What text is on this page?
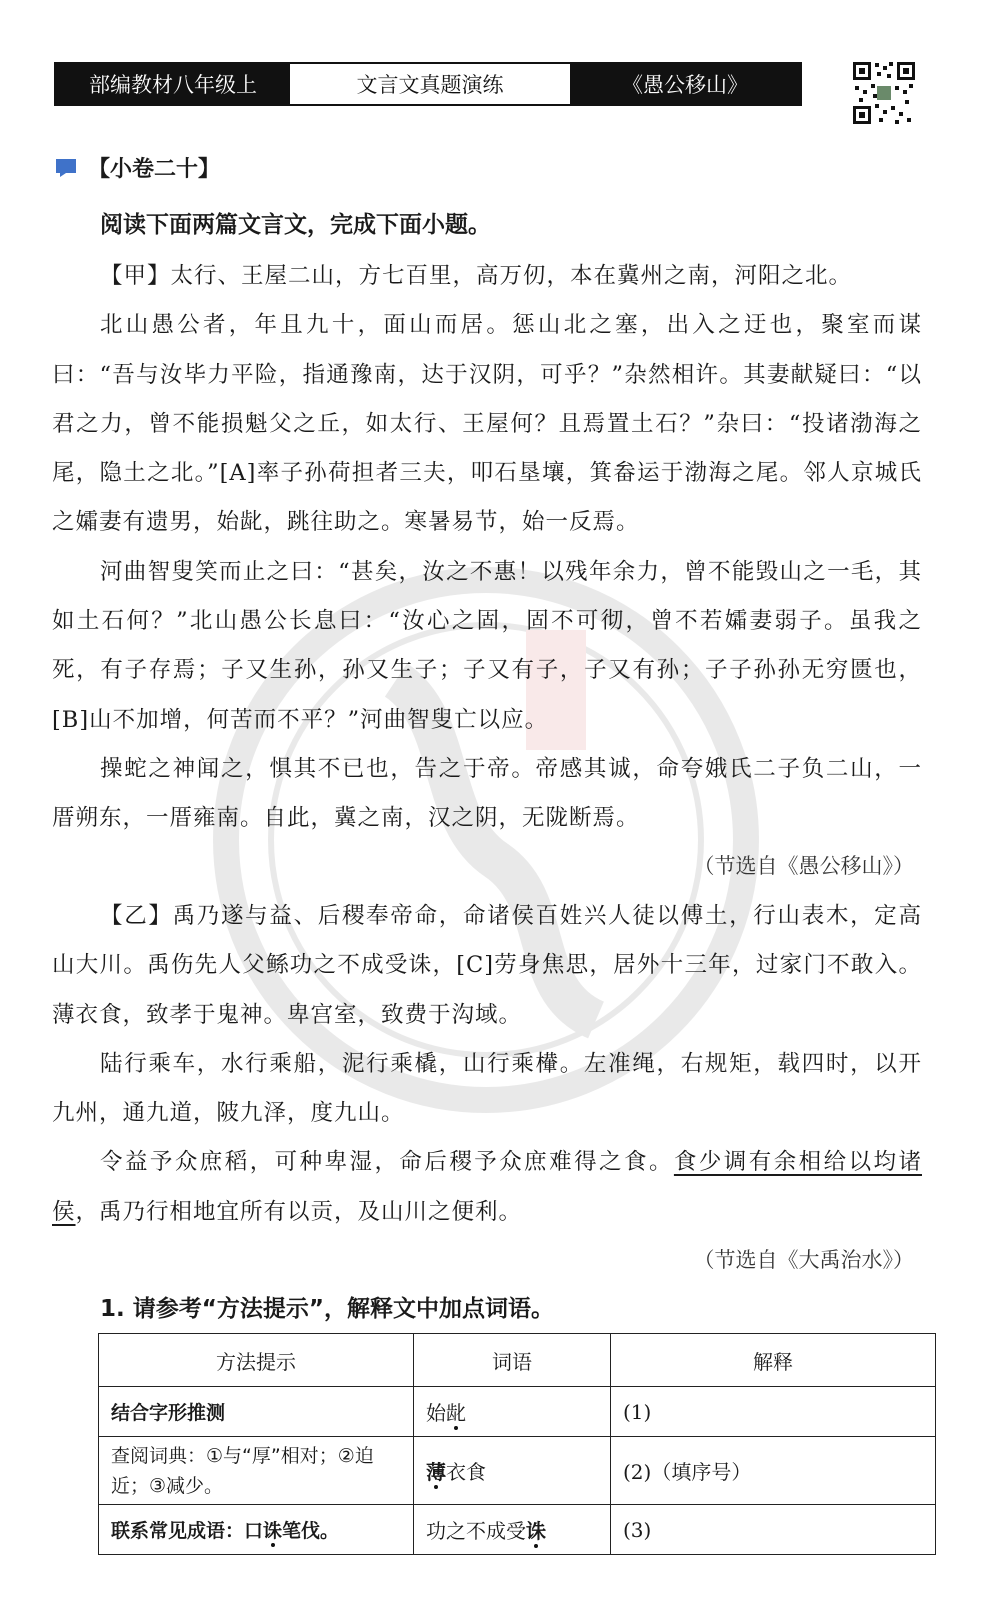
部编教材八年级上	文言文真题演练	《愚公移山》
【小卷二十】
阅读下面两篇文言文，完成下面小题。

【甲】太行、王屋二山，方七百里，高万仞，本在冀州之南，河阳之北。

北山愚公者，年且九十，面山而居。惩山北之塞，出入之迂也，聚室而谋曰：“吾与汝毕力平险，指通豫南，达于汉阴，可乎？”杂然相许。其妻献疑曰：“以君之力，曾不能损魁父之丘，如太行、王屋何？且焉置土石？”杂曰：“投诸渤海之尾，隐土之北。”[A]率子孙荷担者三夫，叩石垦壤，箕畚运于渤海之尾。邻人京城氏之孀妻有遗男，始龀，跳往助之。寒暑易节，始一反焉。

河曲智叟笑而止之曰：“甚矣，汝之不惠！以残年余力，曾不能毁山之一毛，其如土石何？”北山愚公长息曰：“汝心之固，固不可彻，曾不若孀妻弱子。虽我之死，有子存焉；子又生孙，孙又生子；子又有子，子又有孙；子子孙孙无穷匮也，[B]山不加增，何苦而不平？”河曲智叟亡以应。

操蛇之神闻之，惧其不已也，告之于帝。帝感其诚，命夸娥氏二子负二山，一厝朔东，一厝雍南。自此，冀之南，汉之阴，无陇断焉。

（节选自《愚公移山》）

【乙】禹乃遂与益、后稷奉帝命，命诸侯百姓兴人徒以傅土，行山表木，定高山大川。禹伤先人父鲧功之不成受诛，[C]劳身焦思，居外十三年，过家门不敢入。薄衣食，致孝于鬼神。卑宫室，致费于沟域。

陆行乘车，水行乘船，泥行乘橇，山行乘檋。左准绳，右规矩，载四时，以开九州，通九道，陂九泽，度九山。

令益予众庶稻，可种卑湿，命后稷予众庶难得之食。食少调有余相给以均诸侯，禹乃行相地宜所有以贡，及山川之便利。

（节选自《大禹治水》）
1. 请参考“方法提示”，解释文中加点词语。
方法提示	词语	解释
结合字形推测	始龀	(1)
查阅词典：①与“厚”相对；②迫近；③减少。	薄衣食	(2)（填序号）
联系常见成语：口诛笔伐。	功之不成受诛	(3)
